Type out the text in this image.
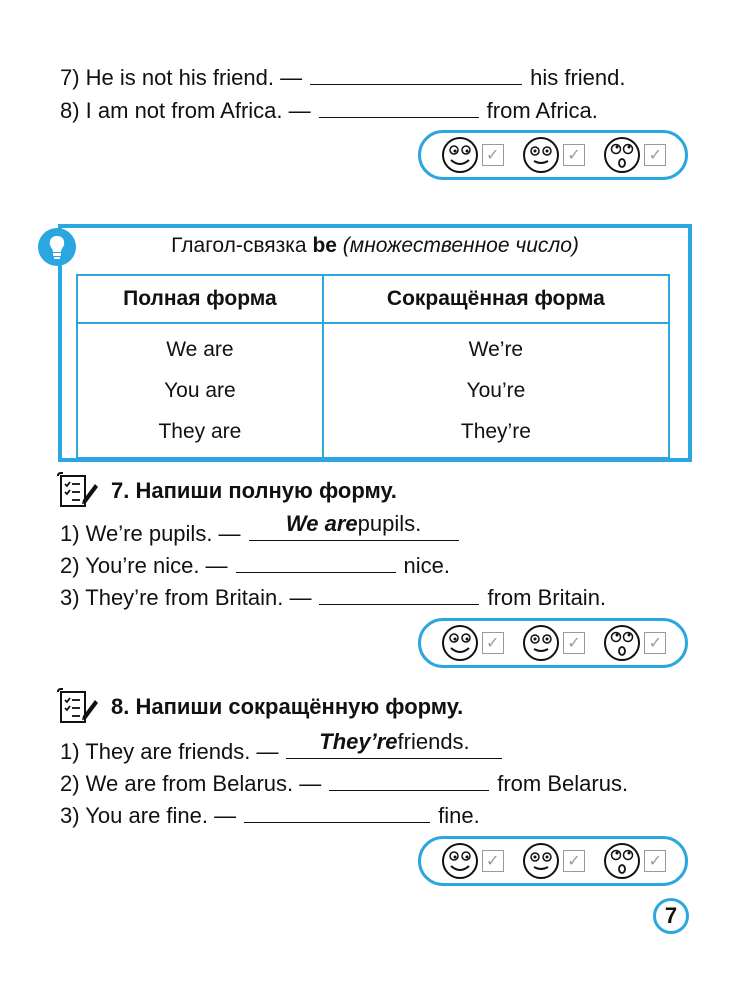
7) He is not his friend. —	his friend.
8) I am not from Africa. —	from Africa.
✓	✓	✓
Глагол-связка be (множественное число)
Полная форма	Сокращённая форма
We are	We’re
You are	You’re
They are	They’re
7. Напиши полную форму.
1) We’re pupils. —	We arepupils.
2) You’re nice. —	nice.
3) They’re from Britain. —	from Britain.
✓	✓	✓
8. Напиши сокращённую форму.
1) They are friends. —	They’refriends.
2) We are from Belarus. —	from Belarus.
3) You are fine. —	fine.
✓	✓	✓
7
